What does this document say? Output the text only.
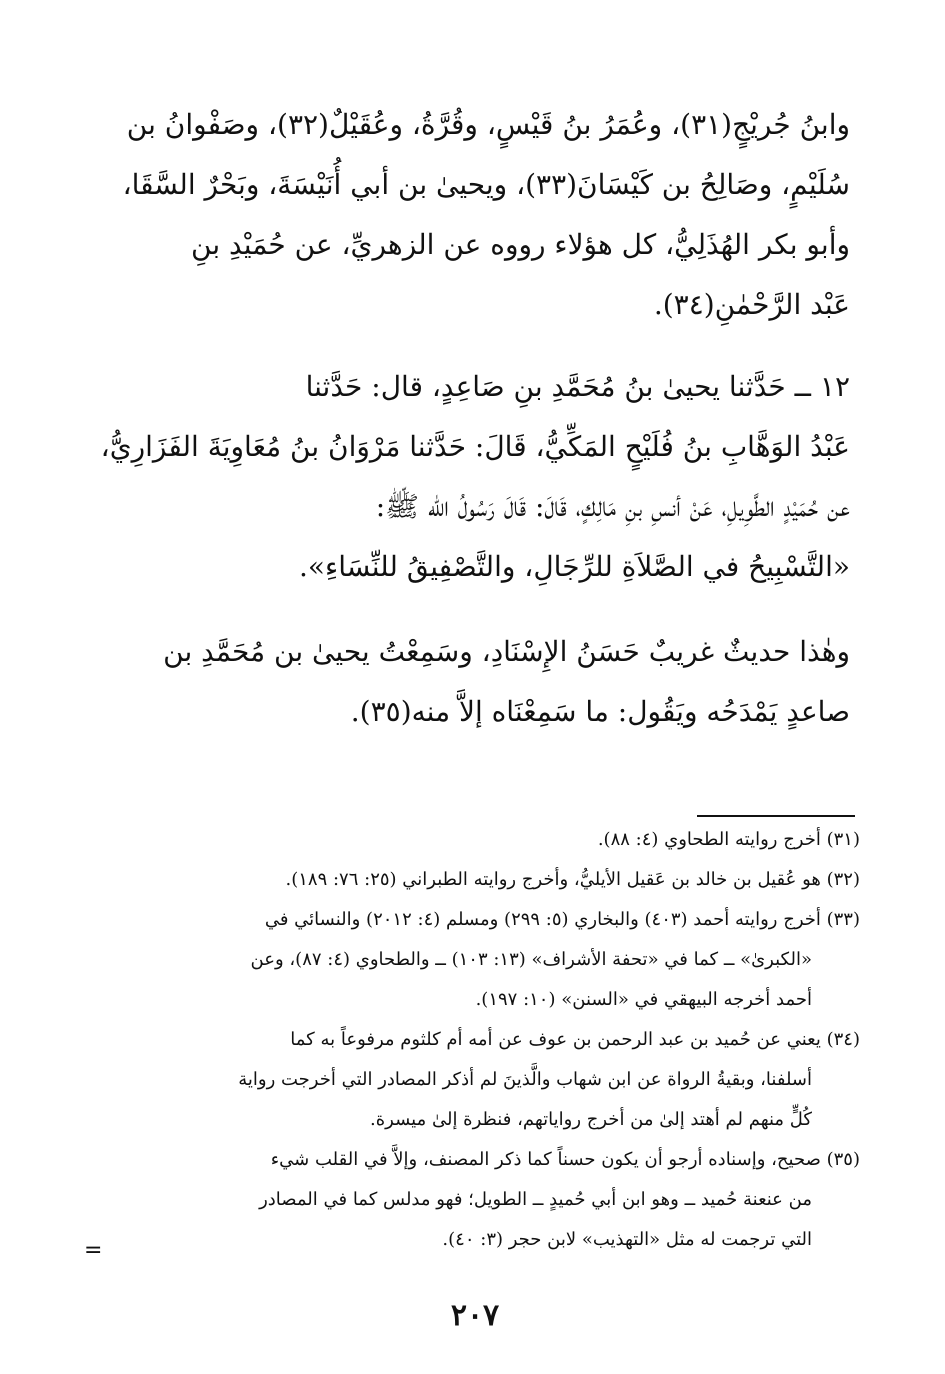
وابنُ جُريْجٍ(٣١)، وعُمَرُ بنُ قَيْسٍ، وقُرَّةُ، وعُقَيْلٌ(٣٢)، وصَفْوانُ بن
سُلَيْمٍ، وصَالِحُ بن كَيْسَانَ(٣٣)، ويحيىٰ بن أبي أُنَيْسَةَ، وبَحْرٌ السَّقَا،
وأبو بكر الهُذَلِيُّ، كل هؤلاء رووه عن الزهريِّ، عن حُمَيْدِ بنِ
عَبْد الرَّحْمٰنِ(٣٤).
١٢ ــ حَدَّثنا يحيىٰ بنُ مُحَمَّدِ بنِ صَاعِدٍ، قال: حَدَّثنا
عَبْدُ الوَهَّابِ بنُ فُلَيْحٍ المَكِّيُّ، قَالَ: حَدَّثنا مَرْوَانُ بنُ مُعَاوِيَةَ الفَزَارِيُّ،
عن حُمَيْدٍ الطَّوِيلِ، عَنْ أنسِ بنِ مَالِكٍ، قَالَ: قَالَ رَسُولُ الله ﷺ:
«التَّسْبِيحُ في الصَّلاَةِ للرِّجَالِ، والتَّصْفِيقُ للنِّسَاءِ».
وهٰذا حديثٌ غريبٌ حَسَنُ الإِسْنَادِ، وسَمِعْتُ يحيىٰ بن مُحَمَّدِ بن
صاعدٍ يَمْدَحُه ويَقُول: ما سَمِعْنَاه إلاَّ منه(٣٥).
(٣١) أخرج روايته الطحاوي (٤: ٨٨).
(٣٢) هو عُقيل بن خالد بن عَقيل الأيليُّ، وأخرج روايته الطبراني (٢٥: ٧٦: ١٨٩).
(٣٣) أخرج روايته أحمد (٤٠٣) والبخاري (٥: ٢٩٩) ومسلم (٤: ٢٠١٢) والنسائي في
«الكبرىٰ» ــ كما في «تحفة الأشراف» (١٣: ١٠٣) ــ والطحاوي (٤: ٨٧)، وعن
أحمد أخرجه البيهقي في «السنن» (١٠: ١٩٧).
(٣٤) يعني عن حُميد بن عبد الرحمن بن عوف عن أمه أم كلثوم مرفوعاً به كما
أسلفنا، وبقيةُ الرواة عن ابن شهاب والَّذينَ لم أذكر المصادر التي أخرجت رواية
كُلٍّ منهم لم أهتد إلىٰ من أخرج رواياتهم، فنظرة إلىٰ ميسرة.
(٣٥) صحيح، وإسناده أرجو أن يكون حسناً كما ذكر المصنف، وإلاَّ في القلب شيء
من عنعنة حُميد ــ وهو ابن أبي حُميدٍ ــ الطويل؛ فهو مدلس كما في المصادر
التي ترجمت له مثل «التهذيب» لابن حجر (٣: ٤٠).
=
٢٠٧
